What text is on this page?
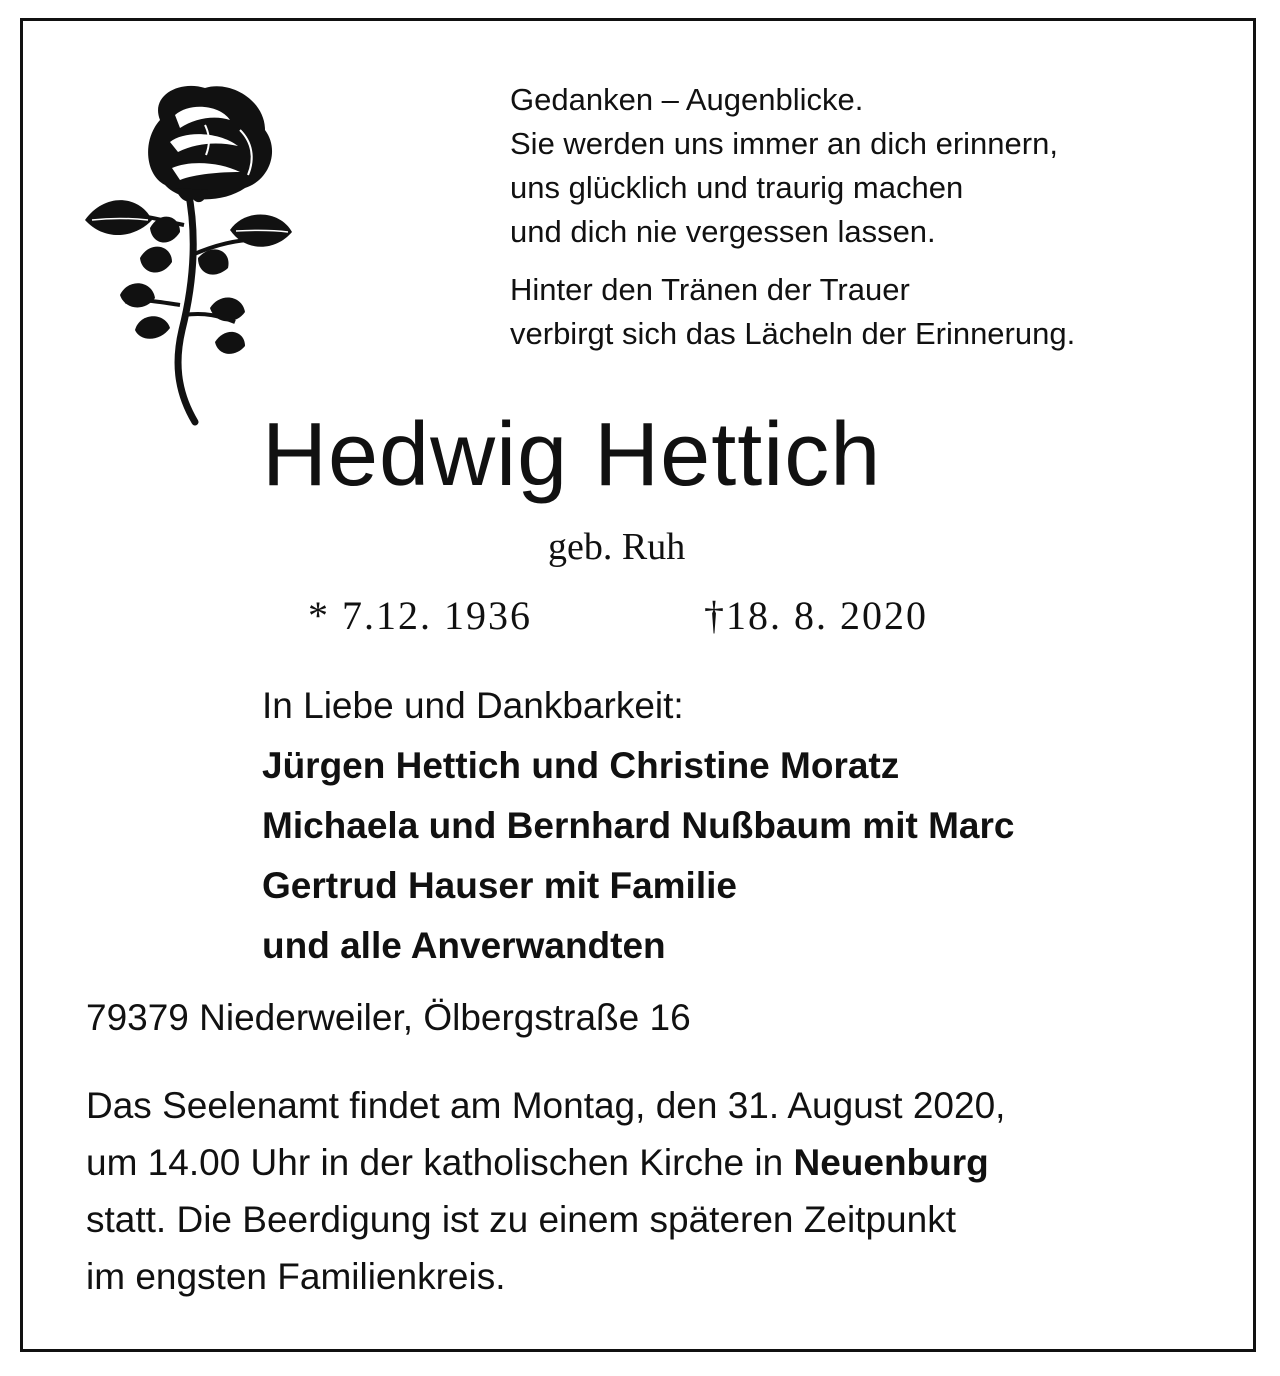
Gedanken – Augenblicke.
Sie werden uns immer an dich erinnern,
uns glücklich und traurig machen
und dich nie vergessen lassen.
Hinter den Tränen der Trauer
verbirgt sich das Lächeln der Erinnerung.
Hedwig Hettich
geb. Ruh
* 7.12. 1936	†18. 8. 2020
In Liebe und Dankbarkeit:
Jürgen Hettich und Christine Moratz
Michaela und Bernhard Nußbaum mit Marc
Gertrud Hauser mit Familie
und alle Anverwandten
79379 Niederweiler, Ölbergstraße 16
Das Seelenamt findet am Montag, den 31. August 2020,
um 14.00 Uhr in der katholischen Kirche in Neuenburg
statt. Die Beerdigung ist zu einem späteren Zeitpunkt
im engsten Familienkreis.
